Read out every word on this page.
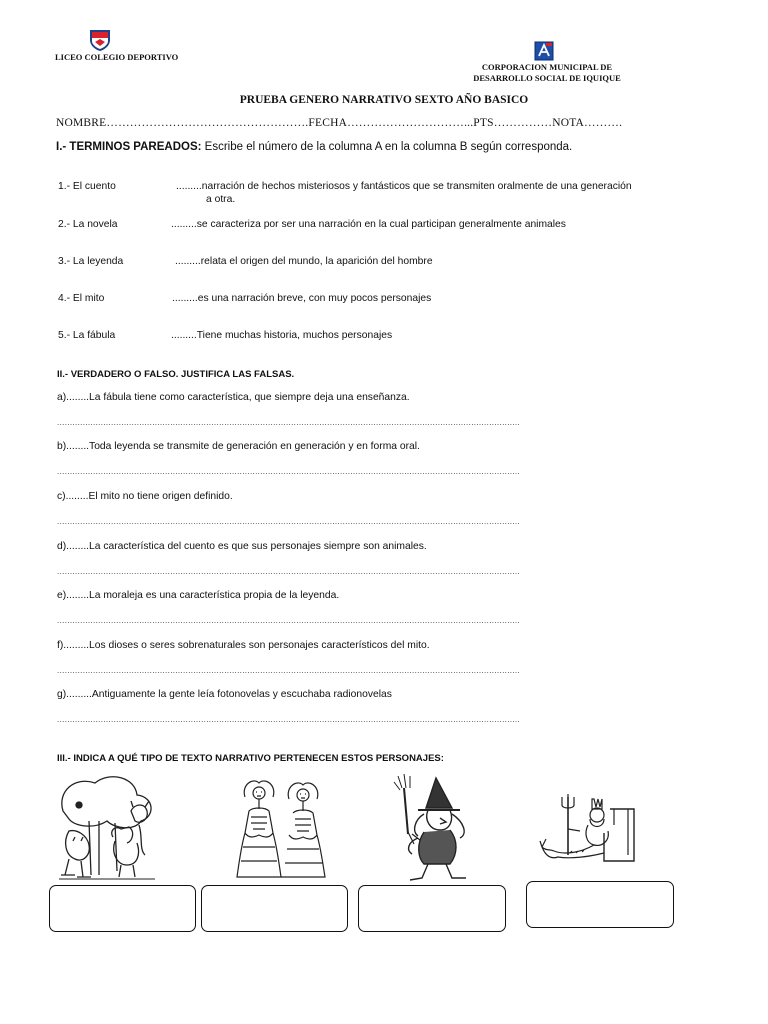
LICEO COLEGIO DEPORTIVO
CORPORACION MUNICIPAL DE
DESARROLLO SOCIAL DE IQUIQUE
PRUEBA GENERO NARRATIVO SEXTO AÑO BASICO
NOMBRE…………………………………………….FECHA…………………………...PTS……………NOTA……….
I.- TERMINOS PAREADOS: Escribe el número de la columna A en la columna B según corresponda.
1.- El cuento	.........narración de hechos misteriosos y fantásticos que se transmiten oralmente de una generación
a otra.
2.- La novela	.........se caracteriza por ser una narración en la cual participan generalmente animales
3.- La leyenda	.........relata el origen del mundo, la aparición del hombre
4.- El mito	.........es una narración breve, con muy pocos personajes
5.- La fábula	.........Tiene muchas historia, muchos personajes
II.- VERDADERO O FALSO. JUSTIFICA LAS FALSAS.
a)........La fábula tiene como característica, que siempre deja una enseñanza.
....................................................................................................................................................................................
b)........Toda leyenda se transmite de generación en generación y en forma oral.
....................................................................................................................................................................................
c)........El mito no tiene origen definido.
....................................................................................................................................................................................
d)........La característica del cuento es que sus personajes siempre son animales.
....................................................................................................................................................................................
e)........La moraleja es una característica propia de la leyenda.
....................................................................................................................................................................................
f).........Los dioses o seres sobrenaturales son personajes característicos del mito.
....................................................................................................................................................................................
g).........Antiguamente la gente leía fotonovelas y escuchaba radionovelas
....................................................................................................................................................................................
III.- INDICA A QUÉ TIPO DE TEXTO NARRATIVO PERTENECEN ESTOS PERSONAJES:
